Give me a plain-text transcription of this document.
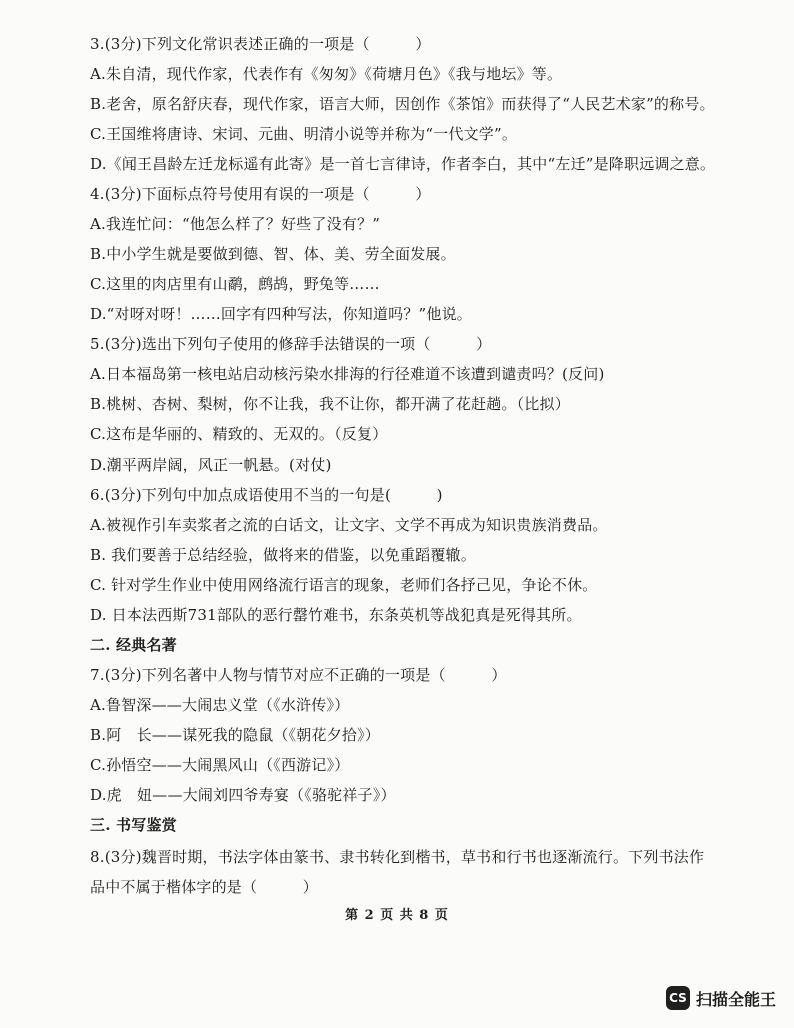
3.(3分)下列文化常识表述正确的一项是（　　　）
A.朱自清，现代作家，代表作有《匆匆》《荷塘月色》《我与地坛》等。
B.老舍，原名舒庆春，现代作家，语言大师，因创作《茶馆》而获得了“人民艺术家”的称号。
C.王国维将唐诗、宋词、元曲、明清小说等并称为“一代文学”。
D.《闻王昌龄左迁龙标遥有此寄》是一首七言律诗，作者李白，其中“左迁”是降职远调之意。
4.(3分)下面标点符号使用有误的一项是（　　　）
A.我连忙问：“他怎么样了？好些了没有？”
B.中小学生就是要做到德、智、体、美、劳全面发展。
C.这里的肉店里有山鹬，鹧鸪，野兔等……
D.“对呀对呀！……回字有四种写法，你知道吗？”他说。
5.(3分)选出下列句子使用的修辞手法错误的一项（　　　）
A.日本福岛第一核电站启动核污染水排海的行径难道不该遭到谴责吗？(反问)
B.桃树、杏树、梨树，你不让我，我不让你，都开满了花赶趟。（比拟）
C.这布是华丽的、精致的、无双的。（反复）
D.潮平两岸阔，风正一帆悬。(对仗)
6.(3分)下列句中加点成语使用不当的一句是(　　　)
A.被视作引车卖浆者之流的白话文，让文字、文学不再成为知识贵族消费品。
B. 我们要善于总结经验，做将来的借鉴，以免重蹈覆辙。
C. 针对学生作业中使用网络流行语言的现象，老师们各抒己见，争论不休。
D. 日本法西斯731部队的恶行罄竹难书，东条英机等战犯真是死得其所。
二. 经典名著
7.(3分)下列名著中人物与情节对应不正确的一项是（　　　）
A.鲁智深——大闹忠义堂（《水浒传》）
B.阿　长——谋死我的隐鼠（《朝花夕拾》）
C.孙悟空——大闹黑风山（《西游记》）
D.虎　妞——大闹刘四爷寿宴（《骆驼祥子》）
三. 书写鉴赏
8.(3分)魏晋时期，书法字体由篆书、隶书转化到楷书，草书和行书也逐渐流行。下列书法作
品中不属于楷体字的是（　　　）
第 2 页 共 8 页
CS 扫描全能王
